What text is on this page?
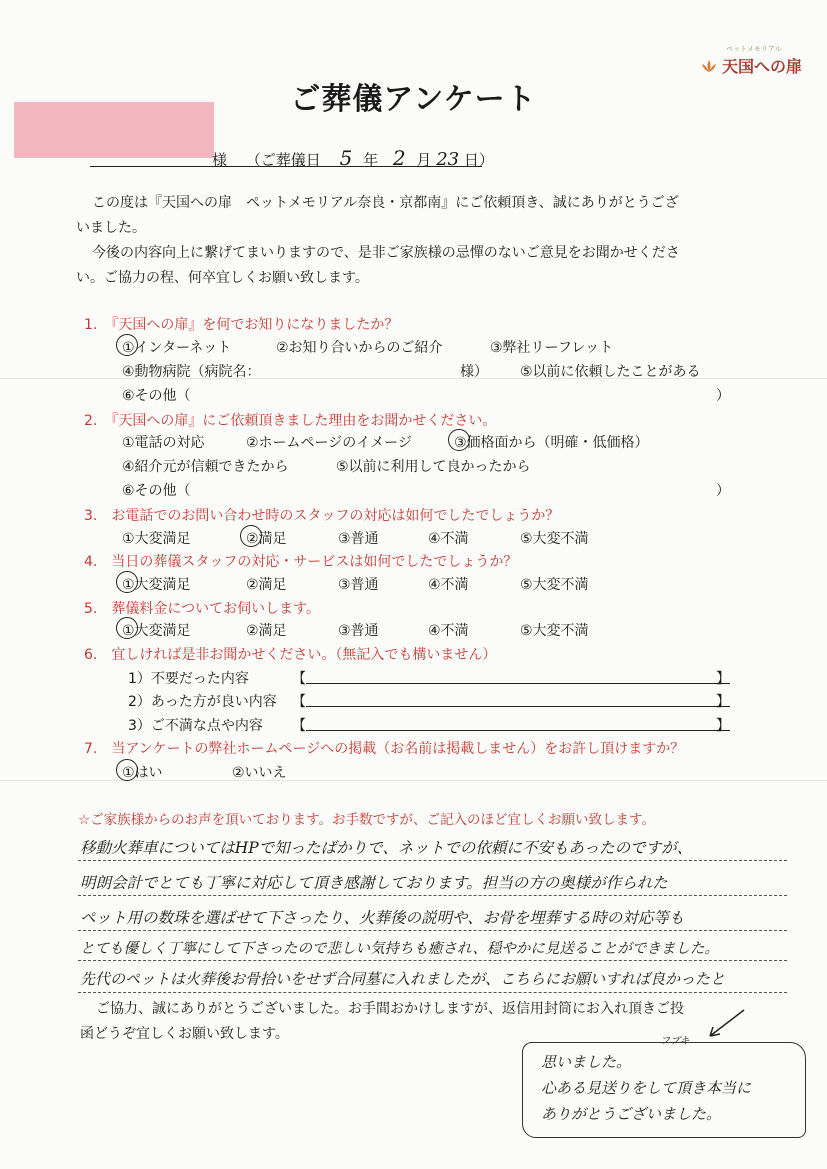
ペットメモリアル
天国への扉
ご葬儀アンケート
様 （ご葬儀日 5 年 2 月 23 日）
この度は『天国への扉　ペットメモリアル奈良・京都南』にご依頼頂き、誠にありがとうござ
いました。
今後の内容向上に繋げてまいりますので、是非ご家族様の忌憚のないご意見をお聞かせくださ
い。ご協力の程、何卒宜しくお願い致します。
1.　『天国への扉』を何でお知りになりましたか？
①インターネット	②お知り合いからのご紹介	③弊社リーフレット
④動物病院（病院名：	様） ⑤以前に依頼したことがある
⑥その他（	）
2.　『天国への扉』にご依頼頂きました理由をお聞かせください。
①電話の対応	②ホームページのイメージ	③価格面から（明確・低価格）
④紹介元が信頼できたから	⑤以前に利用して良かったから
⑥その他（	）
3.　お電話でのお問い合わせ時のスタッフの対応は如何でしたでしょうか？
①大変満足	②満足	③普通	④不満	⑤大変不満
4.　当日の葬儀スタッフの対応・サービスは如何でしたでしょうか？
①大変満足	②満足	③普通	④不満	⑤大変不満
5.　葬儀料金についてお伺いします。
①大変満足	②満足	③普通	④不満	⑤大変不満
6.　宜しければ是非お聞かせください。（無記入でも構いません）
1）不要だった内容	【	】
2）あった方が良い内容 【	】
3）ご不満な点や内容 【	】
7.　当アンケートの弊社ホームページへの掲載（お名前は掲載しません）をお許し頂けますか？
①はい	②いいえ
☆ご家族様からのお声を頂いております。お手数ですが、ご記入のほど宜しくお願い致します。
移動火葬車についてはHPで知ったばかりで、ネットでの依頼に不安もあったのですが、
明朗会計でとても丁寧に対応して頂き感謝しております。担当の方の奥様が作られた
ペット用の数珠を選ばせて下さったり、火葬後の説明や、お骨を埋葬する時の対応等も
とても優しく丁寧にして下さったので悲しい気持ちも癒され、穏やかに見送ることができました。
先代のペットは火葬後お骨拾いをせず合同墓に入れましたが、こちらにお願いすれば良かったと
ご協力、誠にありがとうございました。お手間おかけしますが、返信用封筒にお入れ頂きご投
函どうぞ宜しくお願い致します。	フブキ
思いました。
心ある見送りをして頂き本当に
ありがとうございました。
